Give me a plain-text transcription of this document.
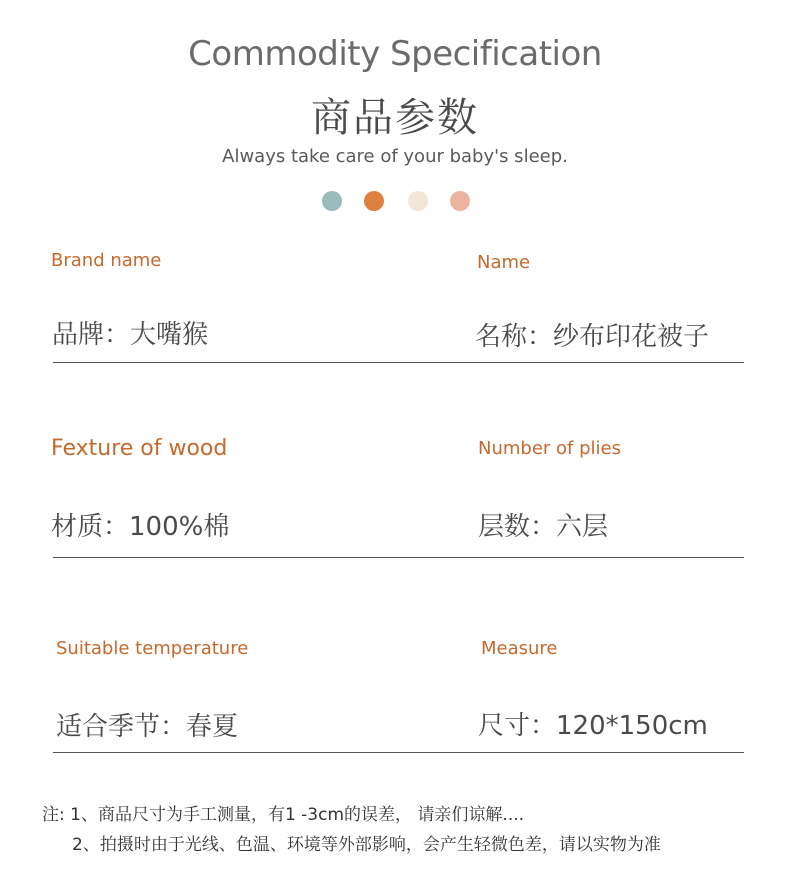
Commodity Specification
商品参数
Always take care of your baby's sleep.
Brand name
品牌：大嘴猴
Name
名称：纱布印花被子
Fexture of wood
材质：100%棉
Number of plies
层数：六层
Suitable temperature
适合季节：春夏
Measure
尺寸：120*150cm
注: 1、商品尺寸为手工测量，有1 -3cm的误差， 请亲们谅解....
2、拍摄时由于光线、色温、环境等外部影响，会产生轻微色差，请以实物为准
